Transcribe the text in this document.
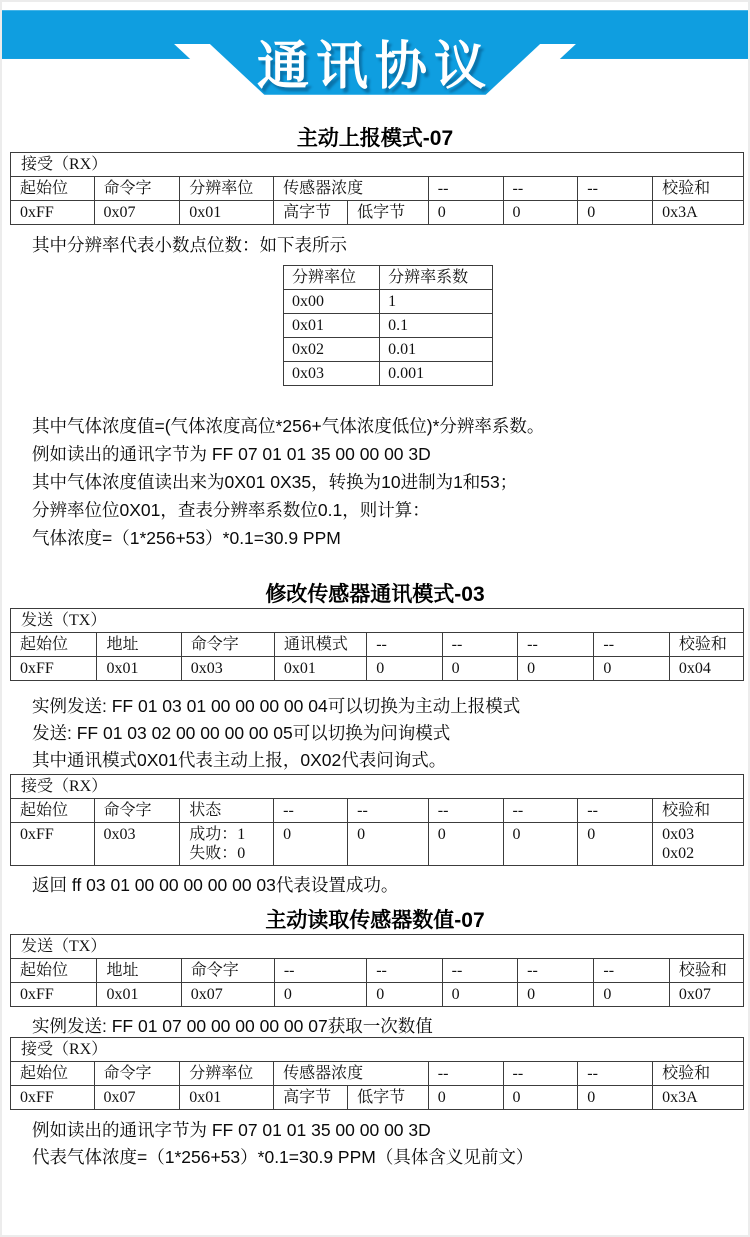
通讯协议
主动上报模式-07
接受（RX）								
起始位	命令字	分辨率位	传感器浓度		--	--	--	校验和
0xFF	0x07	0x01	高字节	低字节	0	0	0	0x3A
其中分辨率代表小数点位数：如下表所示
分辨率位	分辨率系数
0x00	1
0x01	0.1
0x02	0.01
0x03	0.001

其中气体浓度值=(气体浓度高位*256+气体浓度低位)*分辨率系数。

例如读出的通讯字节为 FF 07 01 01 35 00 00 00 3D

其中气体浓度值读出来为0X01 0X35，转换为10进制为1和53；

分辨率位位0X01，查表分辨率系数位0.1，则计算：

气体浓度=（1*256+53）*0.1=30.9 PPM

修改传感器通讯模式-03
发送（TX）								
起始位	地址	命令字	通讯模式	--	--	--	--	校验和
0xFF	0x01	0x03	0x01	0	0	0	0	0x04

实例发送: FF 01 03 01 00 00 00 00 04可以切换为主动上报模式

发送: FF 01 03 02 00 00 00 00 05可以切换为问询模式

其中通讯模式0X01代表主动上报，0X02代表问询式。

接受（RX）								
起始位	命令字	状态	--	--	--	--	--	校验和
0xFF	0x03	成功：1
失败：0
	0	0	0	0	0	0x03
0x02
返回 ff 03 01 00 00 00 00 00 03代表设置成功。
主动读取传感器数值-07
发送（TX）								
起始位	地址	命令字	--	--	--	--	--	校验和
0xFF	0x01	0x07	0	0	0	0	0	0x07
实例发送: FF 01 07 00 00 00 00 00 07获取一次数值
接受（RX）								
起始位	命令字	分辨率位	传感器浓度		--	--	--	校验和
0xFF	0x07	0x01	高字节	低字节	0	0	0	0x3A

例如读出的通讯字节为 FF 07 01 01 35 00 00 00 3D

代表气体浓度=（1*256+53）*0.1=30.9 PPM（具体含义见前文）
